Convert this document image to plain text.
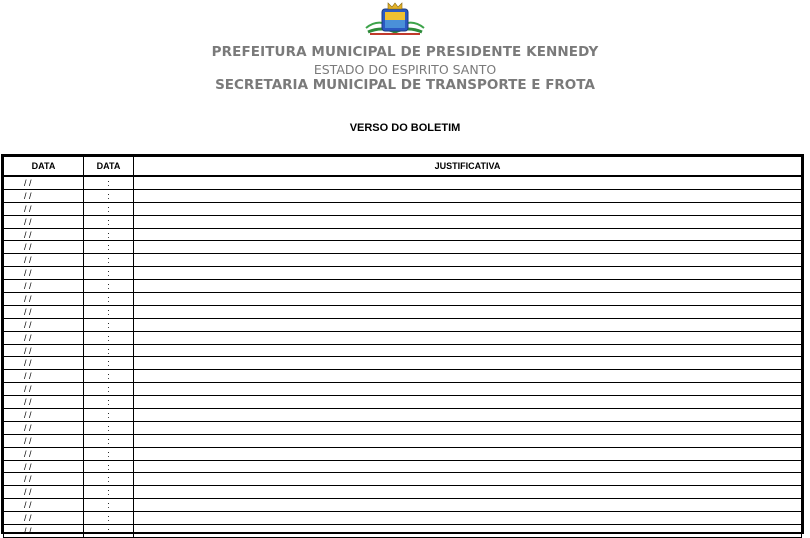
PREFEITURA MUNICIPAL DE PRESIDENTE KENNEDY
ESTADO DO ESPIRITO SANTO
SECRETARIA MUNICIPAL DE TRANSPORTE E FROTA
VERSO DO BOLETIM
DATA	DATA	JUSTIFICATIVA
/ /	:	
/ /	:	
/ /	:	
/ /	:	
/ /	:	
/ /	:	
/ /	:	
/ /	:	
/ /	:	
/ /	:	
/ /	:	
/ /	:	
/ /	:	
/ /	:	
/ /	:	
/ /	:	
/ /	:	
/ /	:	
/ /	:	
/ /	:	
/ /	:	
/ /	:	
/ /	:	
/ /	:	
/ /	:	
/ /	:	
/ /	:	
/ /	:	
